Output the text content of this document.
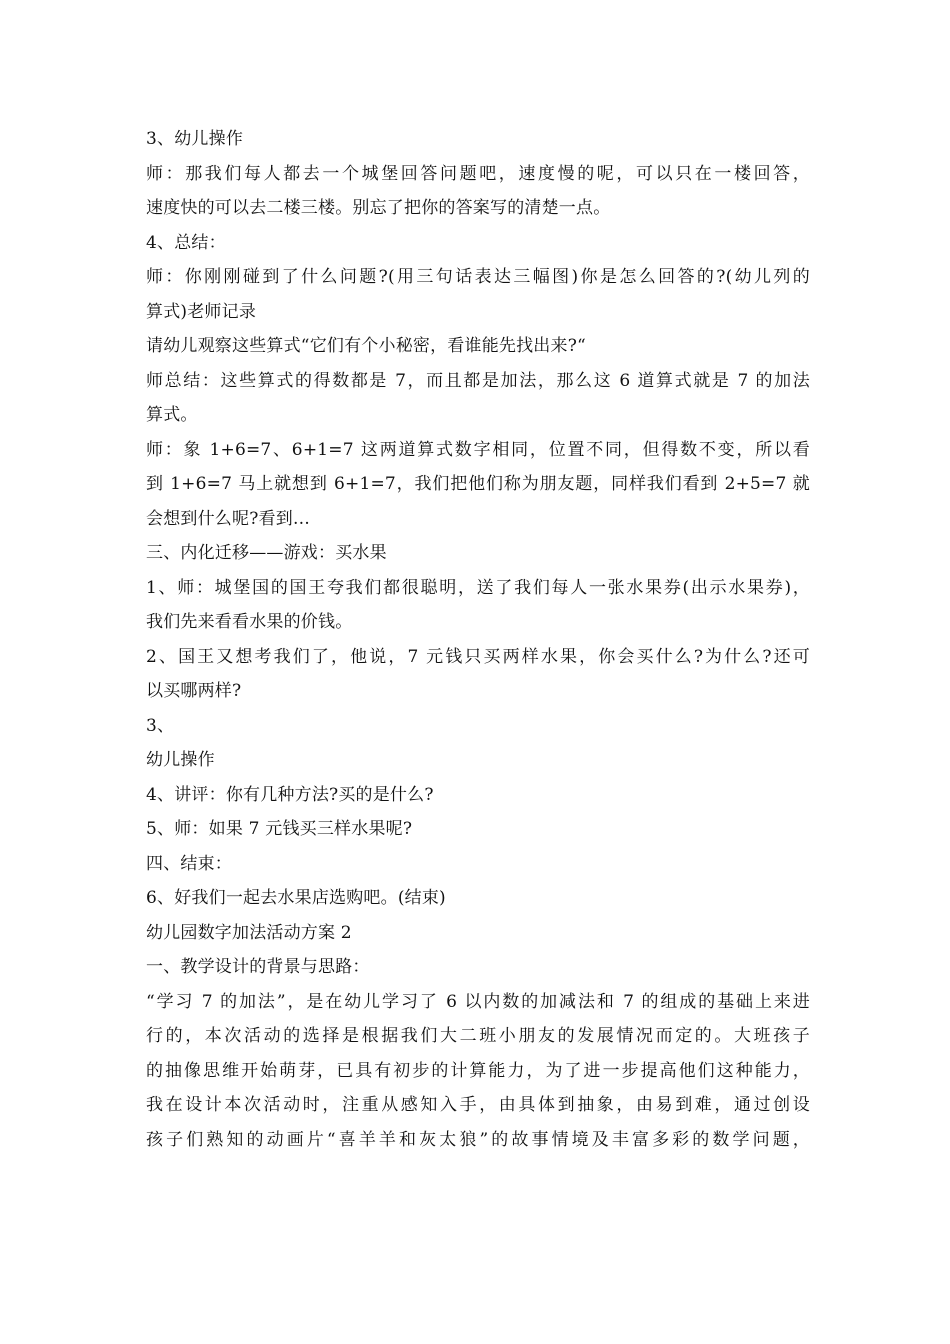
3、幼儿操作
师：那我们每人都去一个城堡回答问题吧，速度慢的呢，可以只在一楼回答，
速度快的可以去二楼三楼。别忘了把你的答案写的清楚一点。
4、总结：
师：你刚刚碰到了什么问题?(用三句话表达三幅图)你是怎么回答的?(幼儿列的
算式)老师记录
请幼儿观察这些算式“它们有个小秘密，看谁能先找出来?“
师总结：这些算式的得数都是 7，而且都是加法，那么这 6 道算式就是 7 的加法
算式。
师：象 1+6=7、6+1=7 这两道算式数字相同，位置不同，但得数不变，所以看
到 1+6=7 马上就想到 6+1=7，我们把他们称为朋友题，同样我们看到 2+5=7 就
会想到什么呢?看到…
三、内化迁移——游戏：买水果
1、师：城堡国的国王夸我们都很聪明，送了我们每人一张水果券(出示水果券)，
我们先来看看水果的价钱。
2、国王又想考我们了，他说，7 元钱只买两样水果，你会买什么?为什么?还可
以买哪两样?
3、
幼儿操作
4、讲评：你有几种方法?买的是什么?
5、师：如果 7 元钱买三样水果呢?
四、结束：
6、好我们一起去水果店选购吧。(结束)
幼儿园数字加法活动方案 2
一、教学设计的背景与思路：
“学习 7 的加法”，是在幼儿学习了 6 以内数的加减法和 7 的组成的基础上来进
行的，本次活动的选择是根据我们大二班小朋友的发展情况而定的。大班孩子
的抽像思维开始萌芽，已具有初步的计算能力，为了进一步提高他们这种能力，
我在设计本次活动时，注重从感知入手，由具体到抽象，由易到难，通过创设
孩子们熟知的动画片“喜羊羊和灰太狼”的故事情境及丰富多彩的数学问题，
